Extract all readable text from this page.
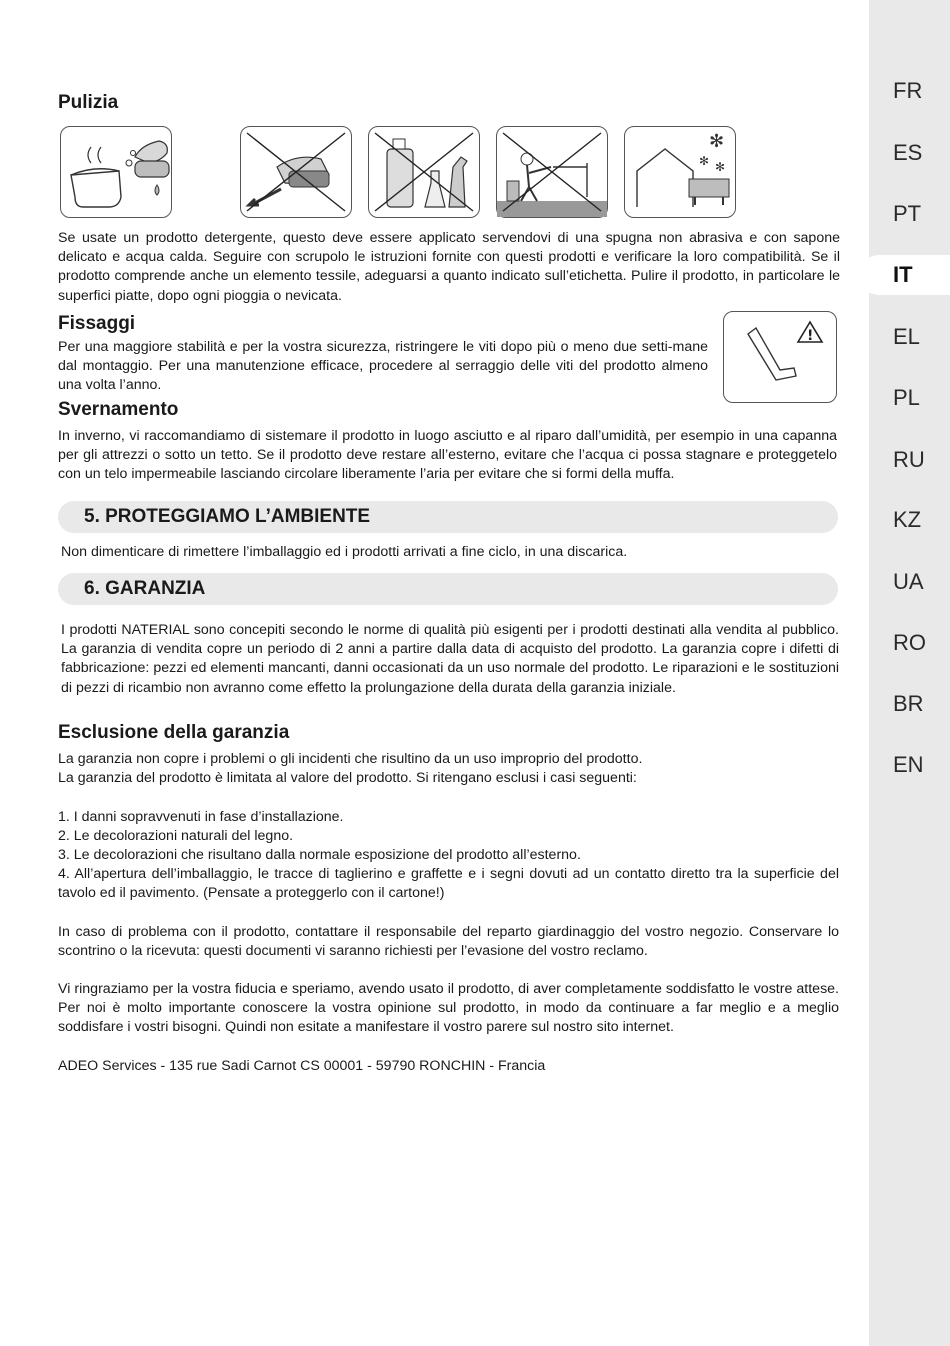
FR
ES
PT
IT
EL
PL
RU
KZ
UA
RO
BR
EN
Pulizia
✻
✻ ✻

Se usate un prodotto detergente, questo deve essere applicato servendovi di una spugna non abrasiva e con sapone delicato e acqua calda. Seguire con scrupolo le istruzioni fornite con questi prodotti e verificare la loro compatibilità. Se il prodotto comprende anche un elemento tessile, adeguarsi a quanto indicato sull’etichetta. Pulire il prodotto, in particolare le superfici piatte, dopo ogni pioggia o nevicata.

Fissaggi

Per una maggiore stabilità e per la vostra sicurezza, ristringere le viti dopo più o meno due setti-mane dal montaggio. Per una manutenzione efficace, procedere al serraggio delle viti del prodotto almeno una volta l’anno.

!
Svernamento

In inverno, vi raccomandiamo di sistemare il prodotto in luogo asciutto e al riparo dall’umidità, per esempio in una capanna per gli attrezzi o sotto un tetto. Se il prodotto deve restare all’esterno, evitare che l’acqua ci possa stagnare e proteggetelo con un telo impermeabile lasciando circolare liberamente l’aria per evitare che si formi della muffa.

5. PROTEGGIAMO L’AMBIENTE

Non dimenticare di rimettere l’imballaggio ed i prodotti arrivati a fine ciclo, in una discarica.

6. GARANZIA

I prodotti NATERIAL sono concepiti secondo le norme di qualità più esigenti per i prodotti destinati alla vendita al pubblico. La garanzia di vendita copre un periodo di 2 anni a partire dalla data di acquisto del prodotto. La garanzia copre i difetti di fabbricazione: pezzi ed elementi mancanti, danni occasionati da un uso normale del prodotto. Le riparazioni e le sostituzioni di pezzi di ricambio non avranno come effetto la prolungazione della durata della garanzia iniziale.

Esclusione della garanzia

La garanzia non copre i problemi o gli incidenti che risultino da un uso improprio del prodotto.

La garanzia del prodotto è limitata al valore del prodotto. Si ritengano esclusi i casi seguenti:

1. I danni sopravvenuti in fase d’installazione.

2. Le decolorazioni naturali del legno.

3. Le decolorazioni che risultano dalla normale esposizione del prodotto all’esterno.

4. All’apertura dell’imballaggio, le tracce di taglierino e graffette e i segni dovuti ad un contatto diretto tra la superficie del tavolo ed il pavimento. (Pensate a proteggerlo con il cartone!)

In caso di problema con il prodotto, contattare il responsabile del reparto giardinaggio del vostro negozio. Conservare lo scontrino o la ricevuta: questi documenti vi saranno richiesti per l’evasione del vostro reclamo.

Vi ringraziamo per la vostra fiducia e speriamo, avendo usato il prodotto, di aver completamente soddisfatto le vostre attese. Per noi è molto importante conoscere la vostra opinione sul prodotto, in modo da continuare a far meglio e a meglio soddisfare i vostri bisogni. Quindi non esitate a manifestare il vostro parere sul nostro sito internet.

ADEO Services - 135 rue Sadi Carnot CS 00001 - 59790 RONCHIN - Francia
